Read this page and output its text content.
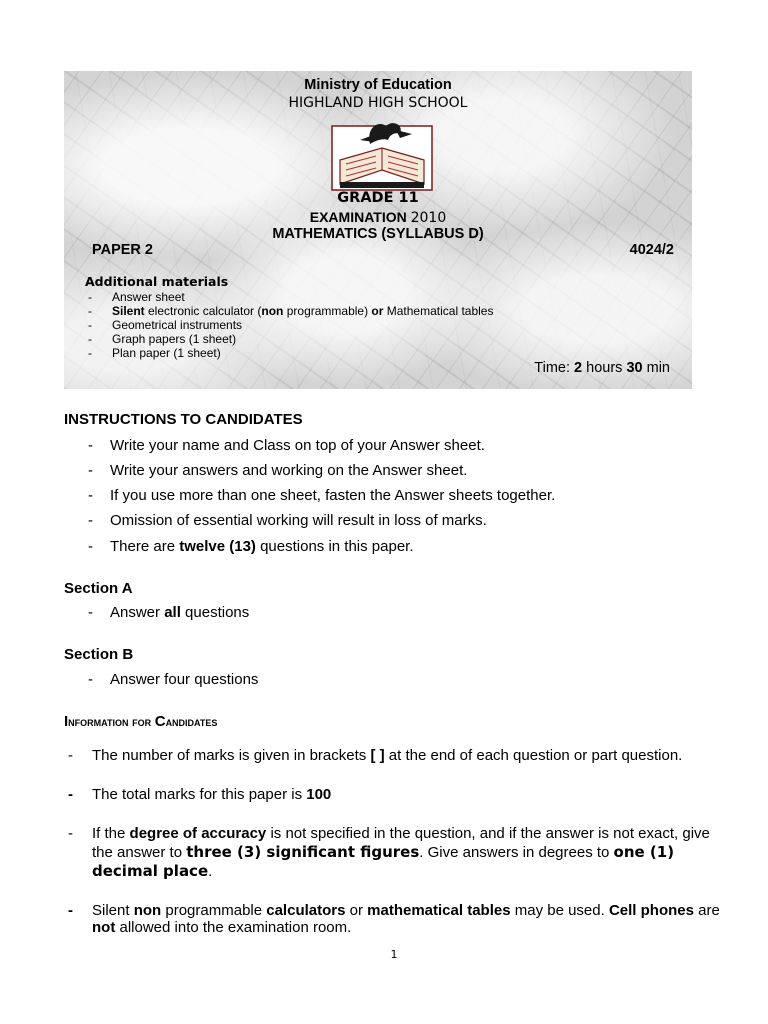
Ministry of Education
HIGHLAND HIGH SCHOOL
GRADE 11
EXAMINATION 2010
MATHEMATICS (SYLLABUS D)
PAPER 2	4024/2
Additional materials
- Answer sheet
- Silent electronic calculator (non programmable) or Mathematical tables
- Geometrical instruments
- Graph papers (1 sheet)
- Plan paper (1 sheet)
Time: 2 hours 30 min
INSTRUCTIONS TO CANDIDATES
- Write your name and Class on top of your Answer sheet.
- Write your answers and working on the Answer sheet.
- If you use more than one sheet, fasten the Answer sheets together.
- Omission of essential working will result in loss of marks.
- There are twelve (13) questions in this paper.
Section A
- Answer all questions
Section B
- Answer four questions
Information for Candidates
- The number of marks is given in brackets [ ] at the end of each question or part question.
- The total marks for this paper is 100
- If the degree of accuracy is not specified in the question, and if the answer is not exact, give the answer to three (3) significant figures. Give answers in degrees to one (1) decimal place.
- Silent non programmable calculators or mathematical tables may be used. Cell phones are not allowed into the examination room.
1
